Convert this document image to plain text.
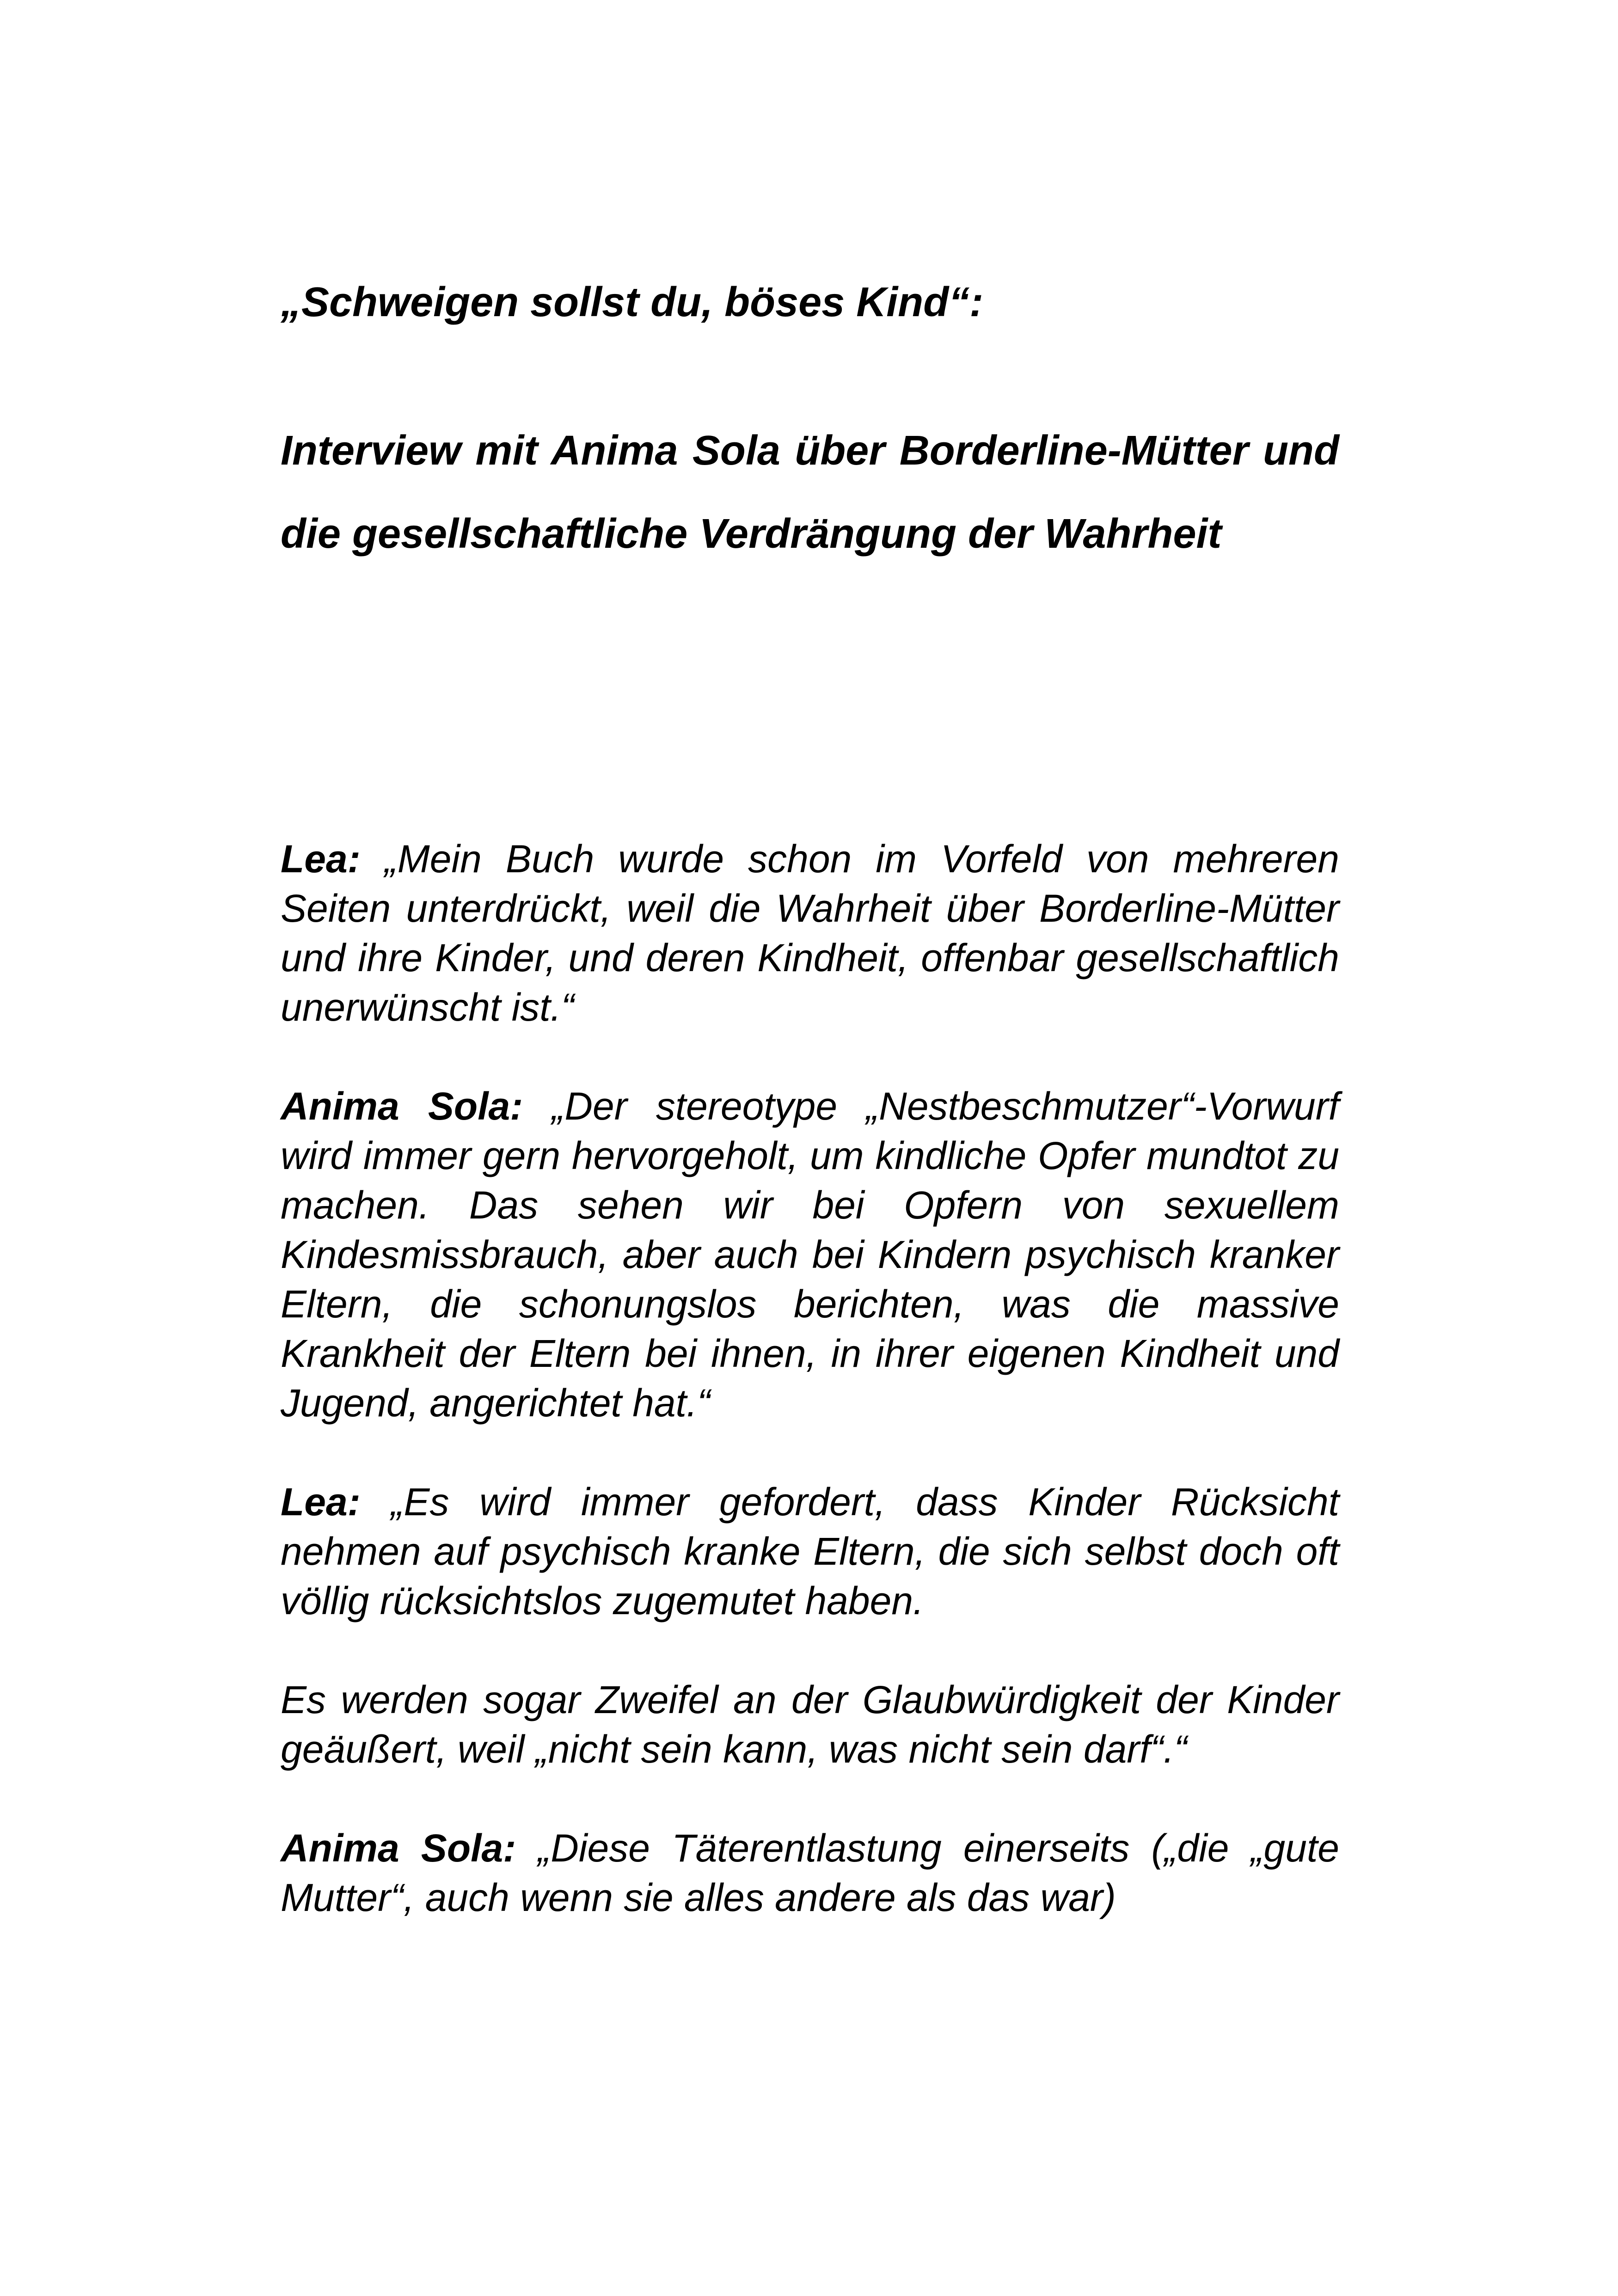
„Schweigen sollst du, böses Kind“:
Interview mit Anima Sola über Borderline-Mütter und die gesellschaftliche Verdrängung der Wahrheit

Lea: „Mein Buch wurde schon im Vorfeld von mehreren Seiten unterdrückt, weil die Wahrheit über Borderline-Mütter und ihre Kinder, und deren Kindheit, offenbar gesellschaftlich unerwünscht ist.“

Anima Sola: „Der stereotype „Nestbeschmutzer“-Vorwurf wird immer gern hervorgeholt, um kindliche Opfer mundtot zu machen. Das sehen wir bei Opfern von sexuellem Kindesmissbrauch, aber auch bei Kindern psychisch kranker Eltern, die schonungslos berichten, was die massive Krankheit der Eltern bei ihnen, in ihrer eigenen Kindheit und Jugend, angerichtet hat.“

Lea: „Es wird immer gefordert, dass Kinder Rücksicht nehmen auf psychisch kranke Eltern, die sich selbst doch oft völlig rücksichtslos zugemutet haben.

Es werden sogar Zweifel an der Glaubwürdigkeit der Kinder geäußert, weil „nicht sein kann, was nicht sein darf“.“

Anima Sola: „Diese Täterentlastung einerseits („die „gute Mutter“, auch wenn sie alles andere als das war)
